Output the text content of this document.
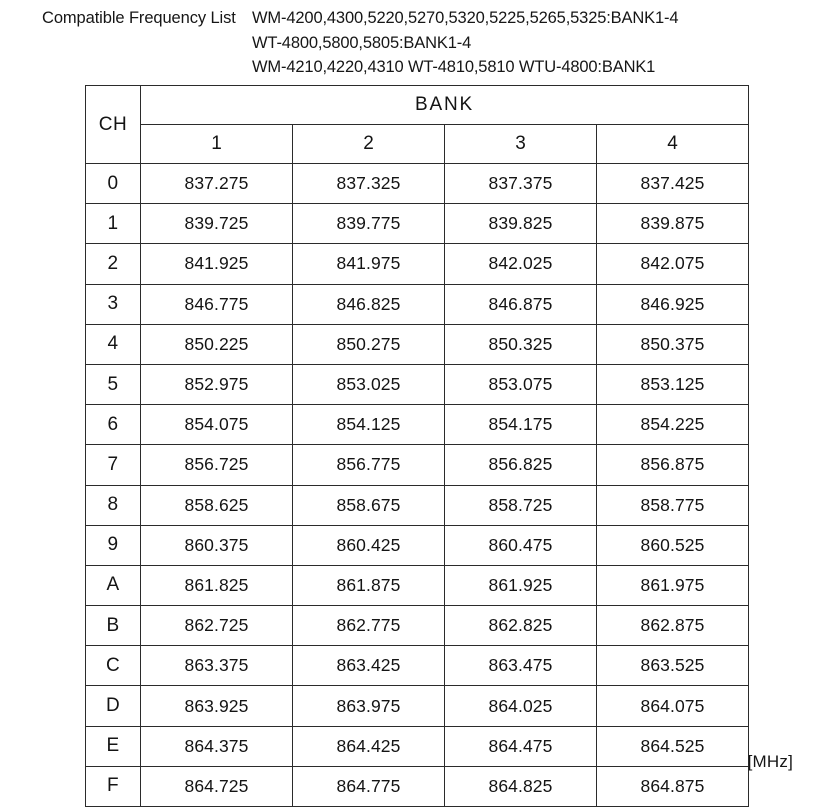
Compatible Frequency List WM-4200,4300,5220,5270,5320,5225,5265,5325:BANK1-4
WT-4800,5800,5805:BANK1-4
WM-4210,4220,4310 WT-4810,5810 WTU-4800:BANK1
CH	BANK			
	1	2	3	4
0	837.275	837.325	837.375	837.425
1	839.725	839.775	839.825	839.875
2	841.925	841.975	842.025	842.075
3	846.775	846.825	846.875	846.925
4	850.225	850.275	850.325	850.375
5	852.975	853.025	853.075	853.125
6	854.075	854.125	854.175	854.225
7	856.725	856.775	856.825	856.875
8	858.625	858.675	858.725	858.775
9	860.375	860.425	860.475	860.525
A	861.825	861.875	861.925	861.975
B	862.725	862.775	862.825	862.875
C	863.375	863.425	863.475	863.525
D	863.925	863.975	864.025	864.075
E	864.375	864.425	864.475	864.525
F	864.725	864.775	864.825	864.875
[MHz]
